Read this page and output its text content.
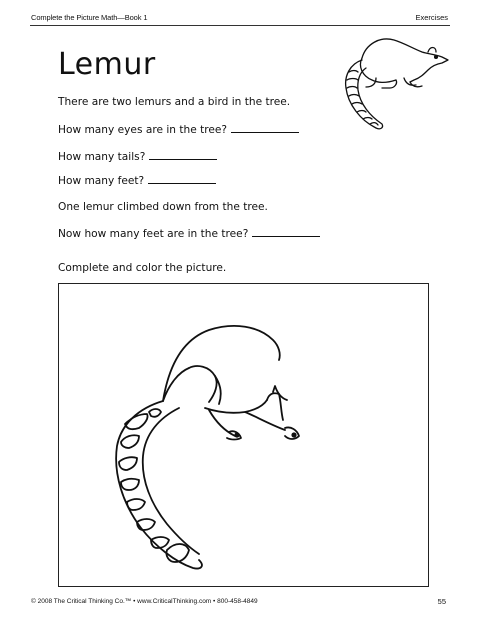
Complete the Picture Math—Book 1	Exercises
Lemur
There are two lemurs and a bird in the tree.
How many eyes are in the tree?
How many tails?
How many feet?
One lemur climbed down from the tree.
Now how many feet are in the tree?
Complete and color the picture.
© 2008 The Critical Thinking Co.™ • www.CriticalThinking.com • 800-458-4849	55
